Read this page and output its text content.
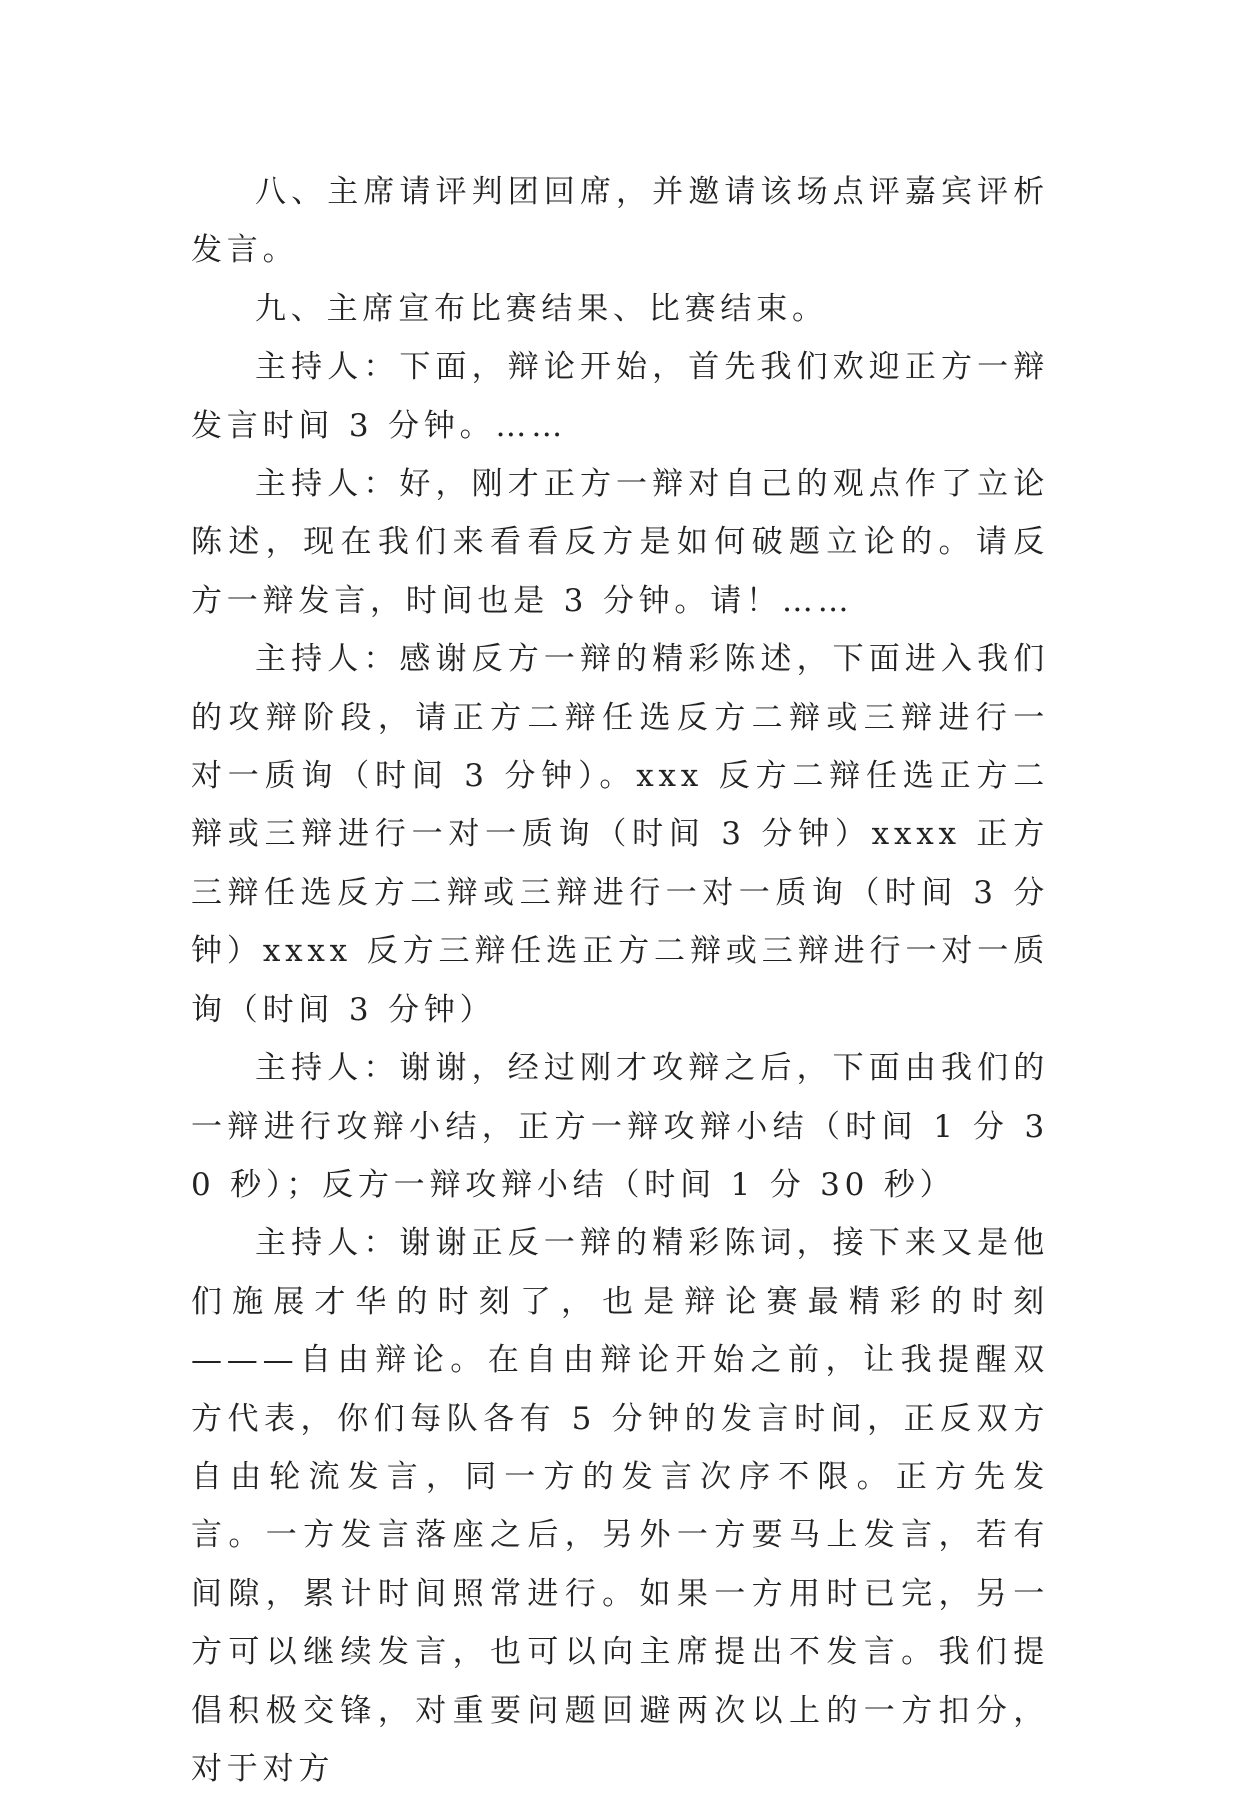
八、主席请评判团回席，并邀请该场点评嘉宾评析发言。

九、主席宣布比赛结果、比赛结束。

主持人：下面，辩论开始，首先我们欢迎正方一辩发言时间 3 分钟。……

主持人：好，刚才正方一辩对自己的观点作了立论陈述，现在我们来看看反方是如何破题立论的。请反方一辩发言，时间也是 3 分钟。请！……

主持人：感谢反方一辩的精彩陈述，下面进入我们的攻辩阶段，请正方二辩任选反方二辩或三辩进行一对一质询（时间 3 分钟）。xxx 反方二辩任选正方二辩或三辩进行一对一质询（时间 3 分钟）xxxx 正方三辩任选反方二辩或三辩进行一对一质询（时间 3 分钟）xxxx 反方三辩任选正方二辩或三辩进行一对一质询（时间 3 分钟）

主持人：谢谢，经过刚才攻辩之后，下面由我们的一辩进行攻辩小结，正方一辩攻辩小结（时间 1 分 30 秒）；反方一辩攻辩小结（时间 1 分 30 秒）

主持人：谢谢正反一辩的精彩陈词，接下来又是他们施展才华的时刻了，也是辩论赛最精彩的时刻———自由辩论。在自由辩论开始之前，让我提醒双方代表，你们每队各有 5 分钟的发言时间，正反双方自由轮流发言，同一方的发言次序不限。正方先发言。一方发言落座之后，另外一方要马上发言，若有间隙，累计时间照常进行。如果一方用时已完，另一方可以继续发言，也可以向主席提出不发言。我们提倡积极交锋，对重要问题回避两次以上的一方扣分，对于对方
